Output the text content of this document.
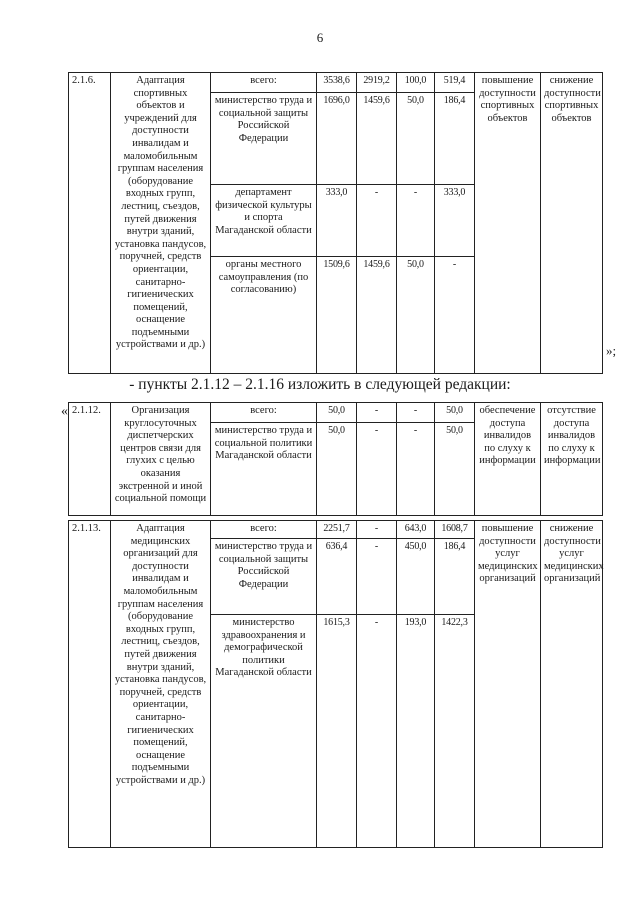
6
2.1.6.	Адаптация спортивных объектов и учреждений для доступности инвалидам и маломобильным группам населения (оборудование входных групп, лестниц, съездов, путей движения внутри зданий, установка пандусов, поручней, средств ориентации, санитарно-гигиенических помещений, оснащение подъемными устройствами и др.)	всего:	3538,6	2919,2	100,0	519,4	повышение доступности спортивных объектов	снижение доступности спортивных объектов
		министерство труда и социальной защиты Российской Федерации	1696,0	1459,6	50,0	186,4		
		департамент физической культуры и спорта Магаданской области	333,0	-	-	333,0		
		органы местного самоуправления (по согласованию)	1509,6	1459,6	50,0	-		
»;
- пункты 2.1.12 – 2.1.16 изложить в следующей редакции:
« 2.1.12.	Организация круглосуточных диспетчерских центров связи для глухих с целью оказания экстренной и иной социальной помощи	всего:	50,0	-	-	50,0	обеспечение доступа инвалидов по слуху к информации	отсутствие доступа инвалидов по слуху к информации
		министерство труда и социальной политики Магаданской области	50,0	-	-	50,0		
2.1.13.	Адаптация медицинских организаций для доступности инвалидам и маломобильным группам населения (оборудование входных групп, лестниц, съездов, путей движения внутри зданий, установка пандусов, поручней, средств ориентации, санитарно-гигиенических помещений, оснащение подъемными устройствами и др.)	всего:	2251,7	-	643,0	1608,7	повышение доступности услуг медицинских организаций	снижение доступности услуг медицинских организаций
		министерство труда и социальной защиты Российской Федерации	636,4	-	450,0	186,4		
		министерство здравоохранения и демографической политики Магаданской области	1615,3	-	193,0	1422,3		
